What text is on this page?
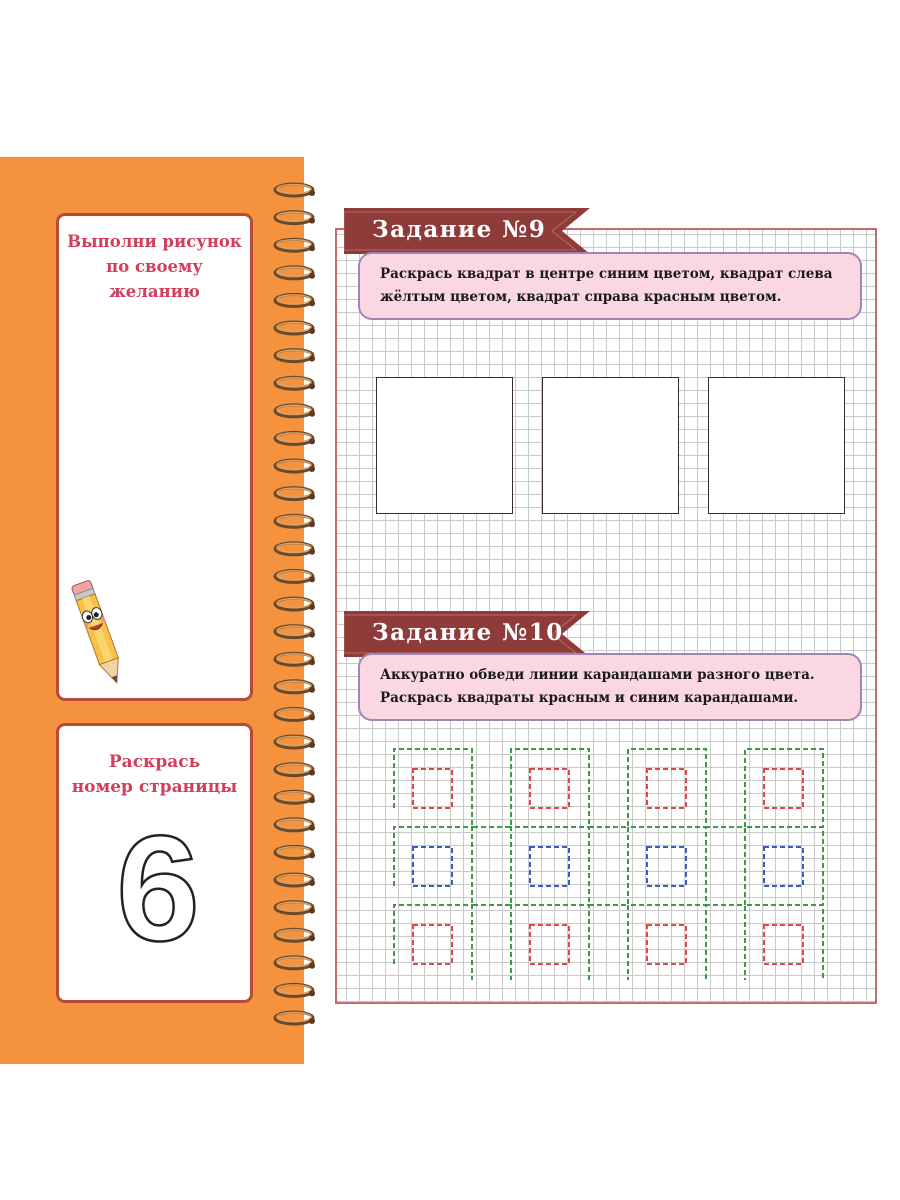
Выполни рисунок
по своему желанию
Раскрась
номер страницы
6
Задание №9
Раскрась квадрат в центре синим цветом, квадрат слева
жёлтым цветом, квадрат справа красным цветом.
Задание №10
Аккуратно обведи линии карандашами разного цвета.
Раскрась квадраты красным и синим карандашами.
